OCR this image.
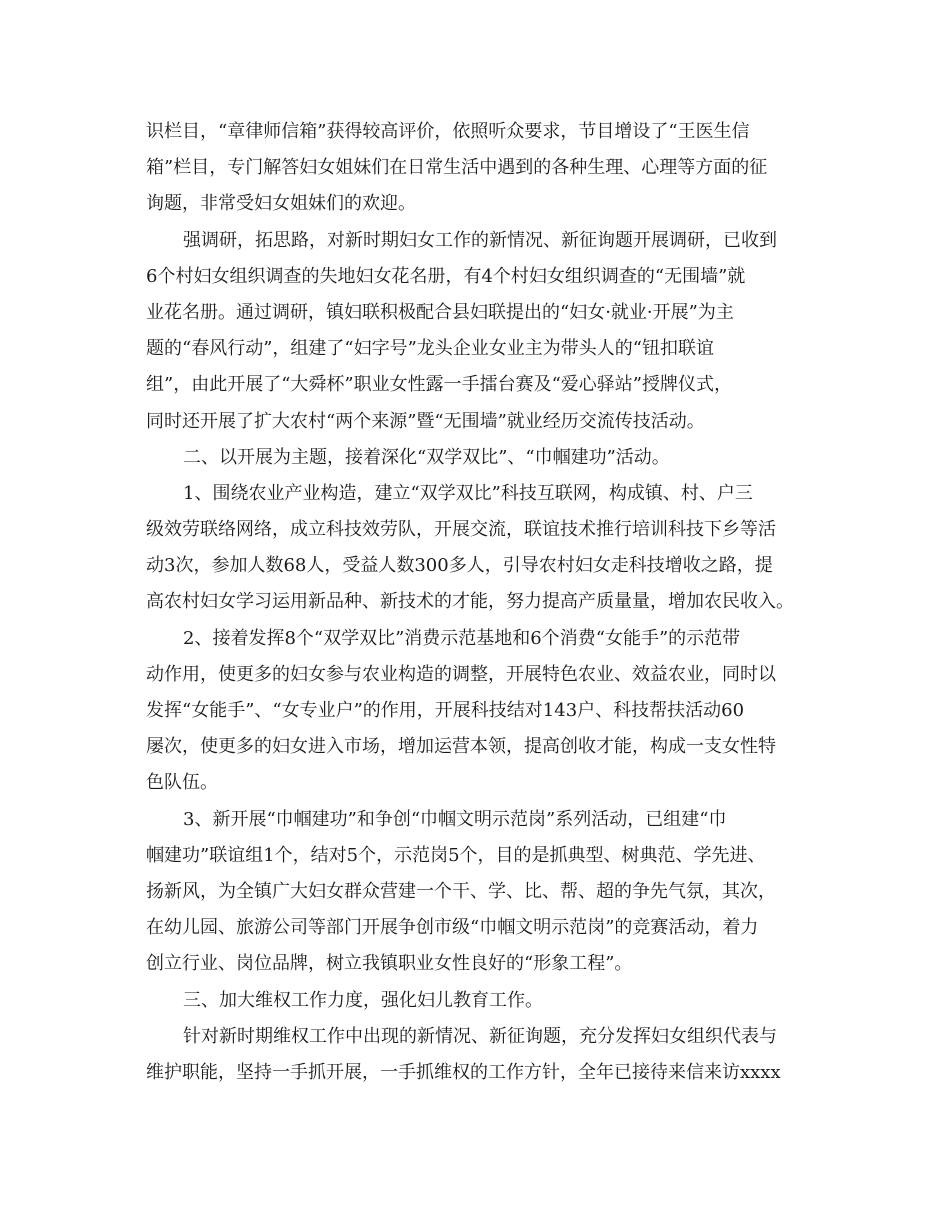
识栏目，“章律师信箱”获得较高评价，依照听众要求，节目增设了“王医生信
箱”栏目，专门解答妇女姐妹们在日常生活中遇到的各种生理、心理等方面的征
询题，非常受妇女姐妹们的欢迎。
强调研，拓思路，对新时期妇女工作的新情况、新征询题开展调研，已收到
6个村妇女组织调查的失地妇女花名册，有4个村妇女组织调查的“无围墙”就
业花名册。通过调研，镇妇联积极配合县妇联提出的“妇女·就业·开展”为主
题的“春风行动”，组建了“妇字号”龙头企业女业主为带头人的“钮扣联谊
组”，由此开展了“大舜杯”职业女性露一手擂台赛及“爱心驿站”授牌仪式，
同时还开展了扩大农村“两个来源”暨“无围墙”就业经历交流传技活动。
二、以开展为主题，接着深化“双学双比”、“巾帼建功”活动。
1、围绕农业产业构造，建立“双学双比”科技互联网，构成镇、村、户三
级效劳联络网络，成立科技效劳队，开展交流，联谊技术推行培训科技下乡等活
动3次，参加人数68人，受益人数300多人，引导农村妇女走科技增收之路，提
高农村妇女学习运用新品种、新技术的才能，努力提高产质量量，增加农民收入。
2、接着发挥8个“双学双比”消费示范基地和6个消费“女能手”的示范带
动作用，使更多的妇女参与农业构造的调整，开展特色农业、效益农业，同时以
发挥“女能手”、“女专业户”的作用，开展科技结对143户、科技帮扶活动60
屡次，使更多的妇女进入市场，增加运营本领，提高创收才能，构成一支女性特
色队伍。
3、新开展“巾帼建功”和争创“巾帼文明示范岗”系列活动，已组建“巾
帼建功”联谊组1个，结对5个，示范岗5个，目的是抓典型、树典范、学先进、
扬新风，为全镇广大妇女群众营建一个干、学、比、帮、超的争先气氛，其次，
在幼儿园、旅游公司等部门开展争创市级“巾帼文明示范岗”的竞赛活动，着力
创立行业、岗位品牌，树立我镇职业女性良好的“形象工程”。
三、加大维权工作力度，强化妇儿教育工作。
针对新时期维权工作中出现的新情况、新征询题，充分发挥妇女组织代表与
维护职能，坚持一手抓开展，一手抓维权的工作方针，全年已接待来信来访xxxx
